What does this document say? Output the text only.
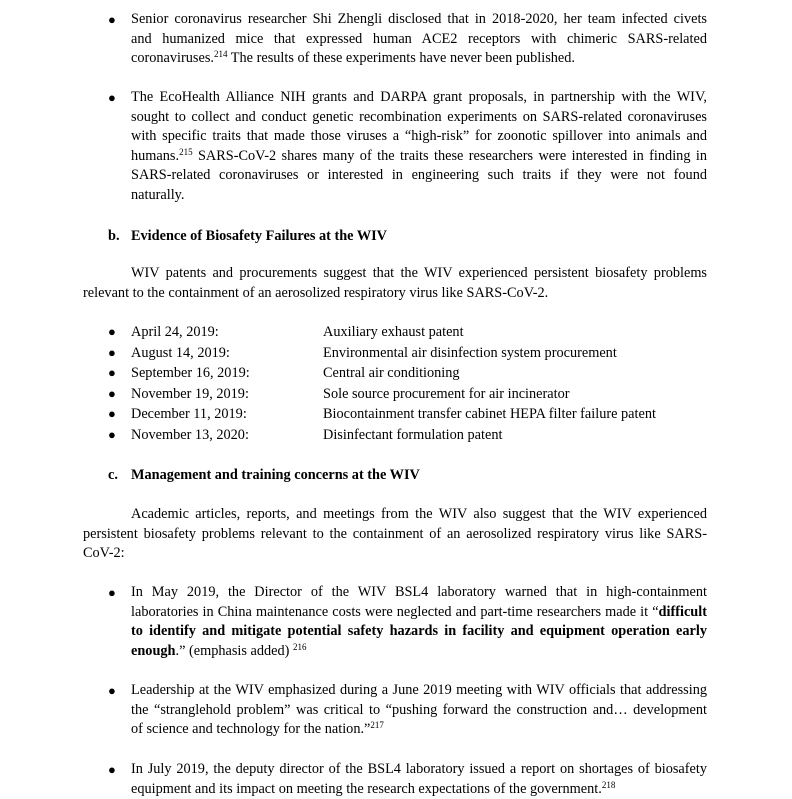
● Senior coronavirus researcher Shi Zhengli disclosed that in 2018-2020, her team infected civets
and humanized mice that expressed human ACE2 receptors with chimeric SARS-related
coronaviruses.$^{214}$ The results of these experiments have never been published.
● The EcoHealth Alliance NIH grants and DARPA grant proposals, in partnership with the WIV,
sought to collect and conduct genetic recombination experiments on SARS-related coronaviruses
with specific traits that made those viruses a “high-risk” for zoonotic spillover into animals and
humans.$^{215}$ SARS-CoV-2 shares many of the traits these researchers were interested in finding in
SARS-related coronaviruses or interested in engineering such traits if they were not found
naturally.
b. Evidence of Biosafety Failures at the WIV
WIV patents and procurements suggest that the WIV experienced persistent biosafety problems
relevant to the containment of an aerosolized respiratory virus like SARS-CoV-2.
● April 24, 2019:	Auxiliary exhaust patent
● August 14, 2019:	Environmental air disinfection system procurement
● September 16, 2019:	Central air conditioning
● November 19, 2019:	Sole source procurement for air incinerator
● December 11, 2019:	Biocontainment transfer cabinet HEPA filter failure patent
● November 13, 2020:	Disinfectant formulation patent
c. Management and training concerns at the WIV
Academic articles, reports, and meetings from the WIV also suggest that the WIV experienced
persistent biosafety problems relevant to the containment of an aerosolized respiratory virus like SARS-
CoV-2:
● In May 2019, the Director of the WIV BSL4 laboratory warned that in high-containment
laboratories in China maintenance costs were neglected and part-time researchers made it “difficult
to identify and mitigate potential safety hazards in facility and equipment operation early
enough.” (emphasis added) $^{216}$
● Leadership at the WIV emphasized during a June 2019 meeting with WIV officials that addressing
the “stranglehold problem” was critical to “pushing forward the construction and… development
of science and technology for the nation.”$^{217}$
● In July 2019, the deputy director of the BSL4 laboratory issued a report on shortages of biosafety
equipment and its impact on meeting the research expectations of the government.$^{218}$
